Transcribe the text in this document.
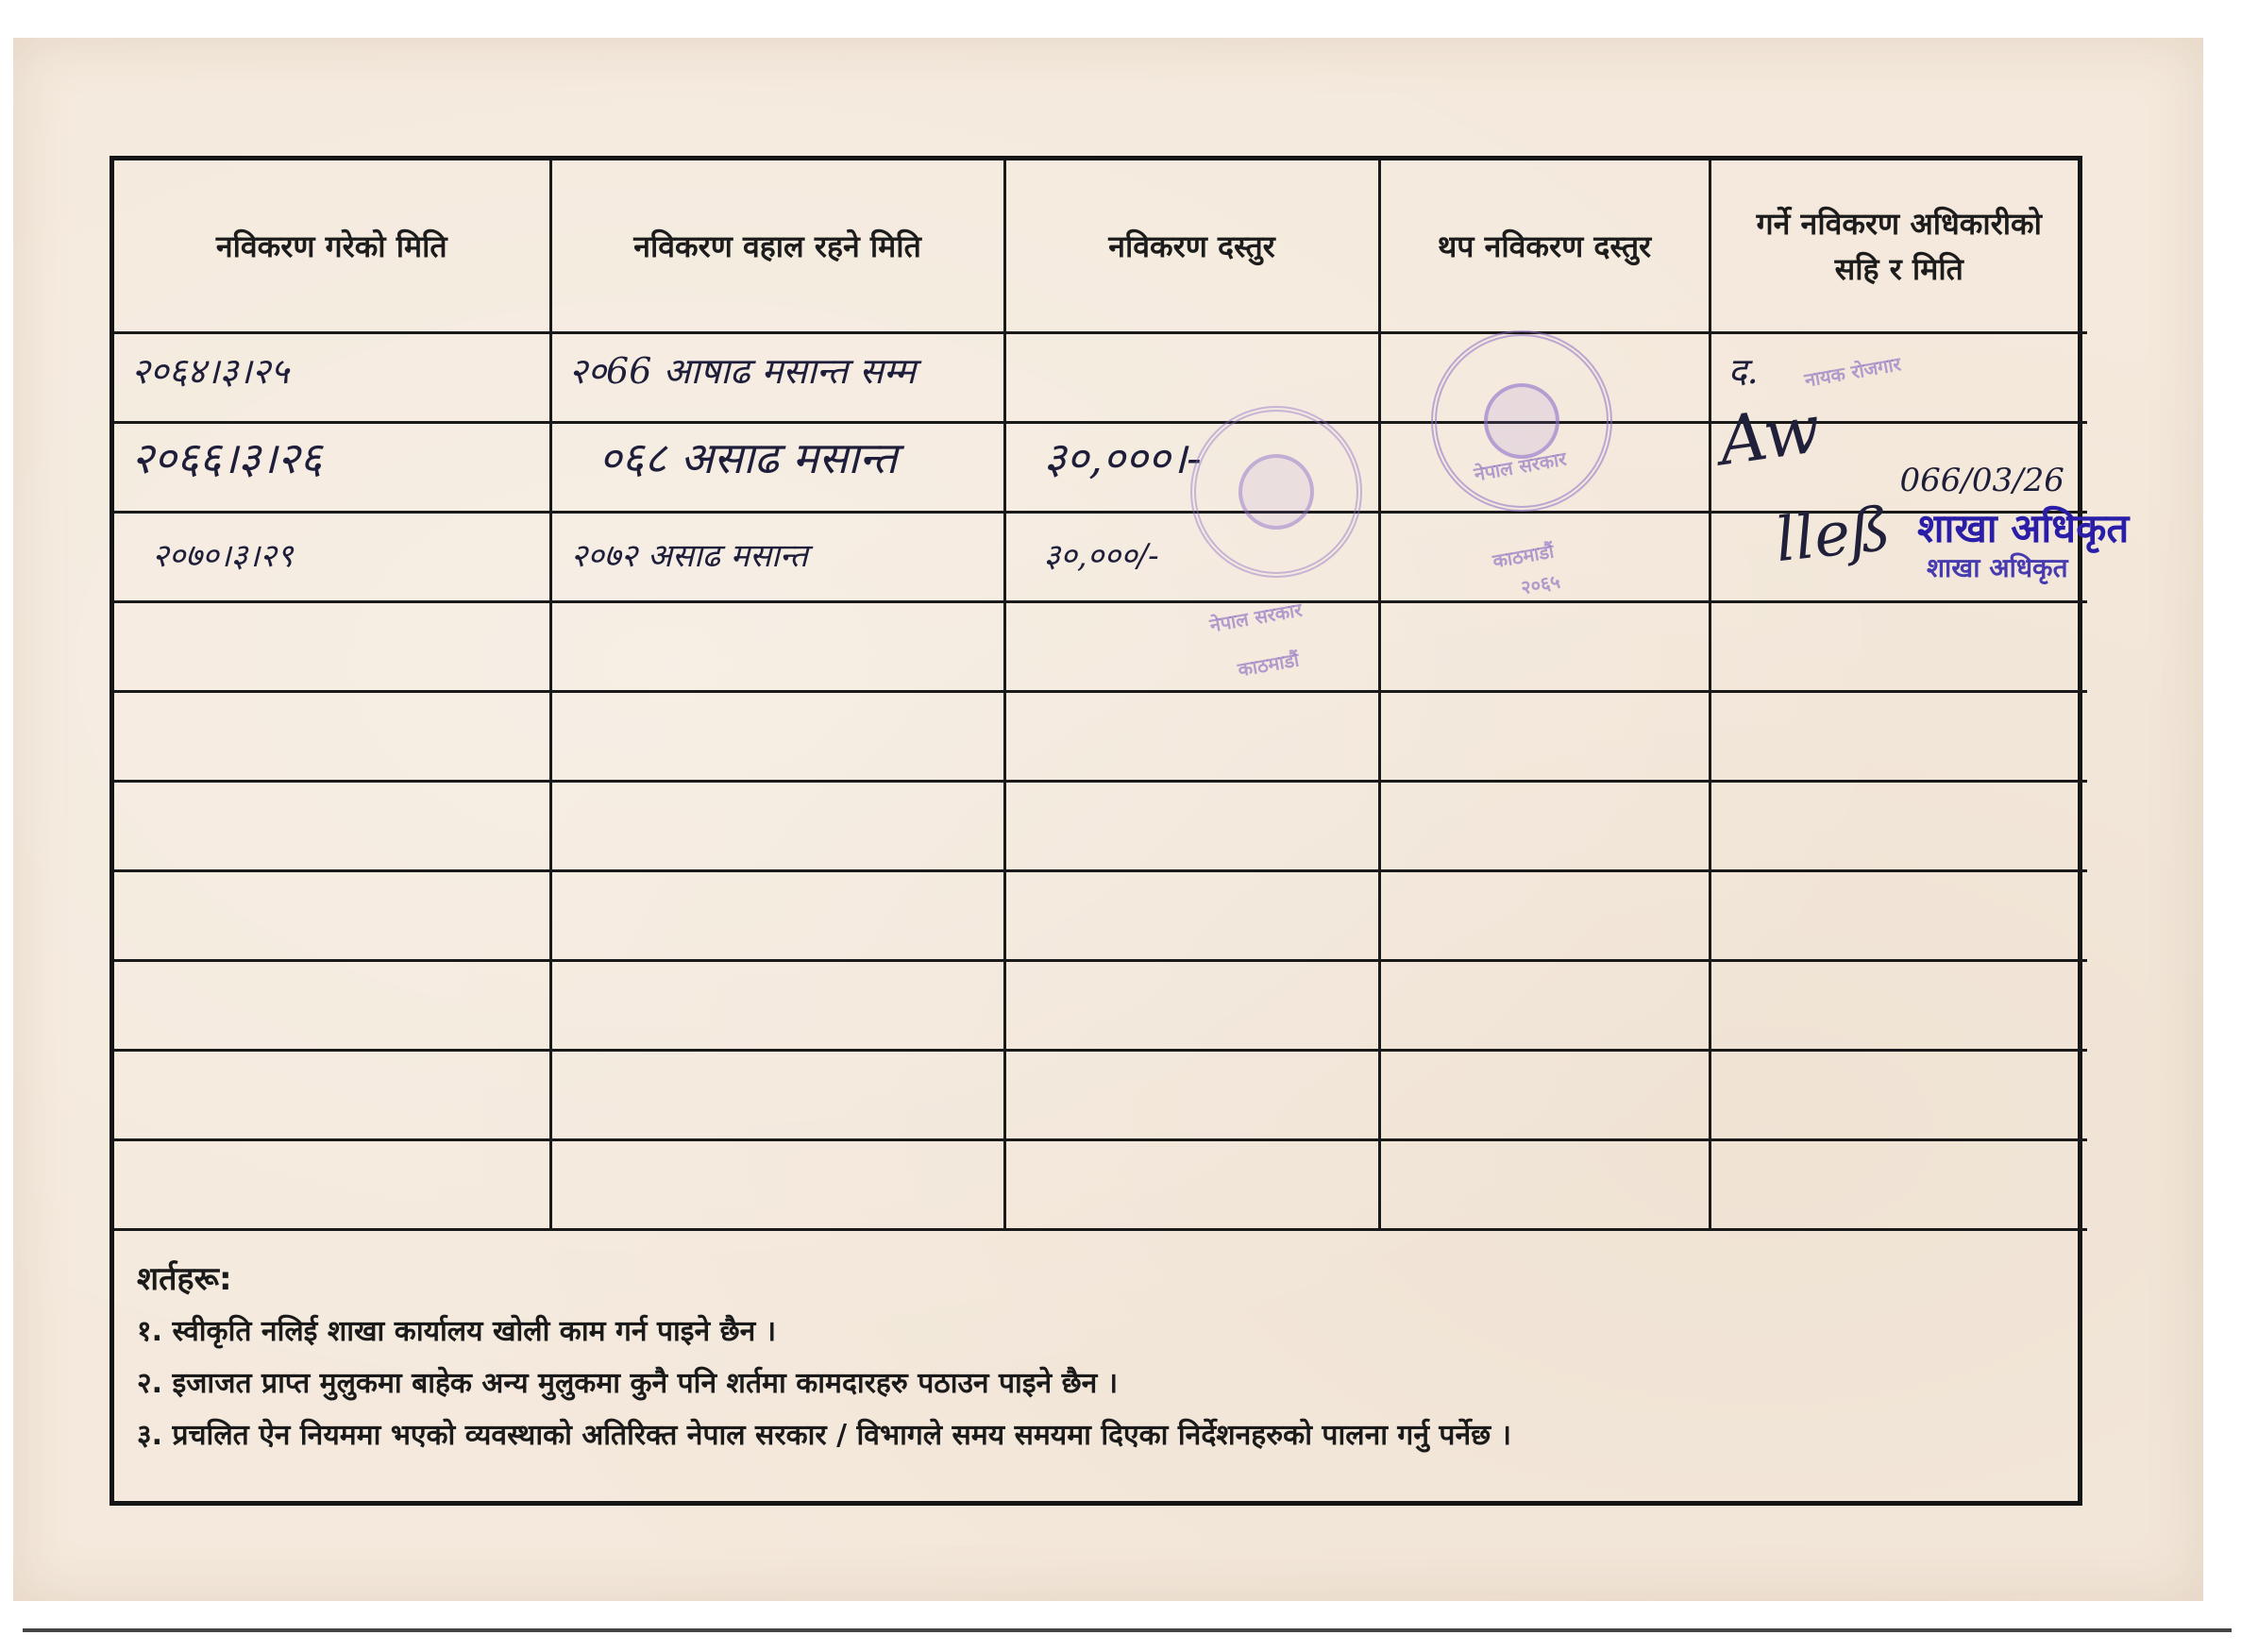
नविकरण गरेको मिति	नविकरण वहाल रहने मिति	नविकरण दस्तुर	थप नविकरण दस्तुर	गर्ने नविकरण अधिकारीको सहि र मिति

२०६४।३।२५	२०66 आषाढ मसान्त सम्म			द.

२०६६।३।२६	०६८ असाढ मसान्त	३०,०००।-		066/03/26

२०७०।३।२९	२०७२ असाढ मसान्त	३०,०००/-		

नेपाल सरकार
काठमाडौं
नेपाल सरकार
काठमाडौं
२०६५
नायक रोजगार
Aw
lleß शाखा अधिकृत
शाखा अधिकृत
शर्तहरू:
१. स्वीकृति नलिई शाखा कार्यालय खोली काम गर्न पाइने छैन ।
२. इजाजत प्राप्त मुलुकमा बाहेक अन्य मुलुकमा कुनै पनि शर्तमा कामदारहरु पठाउन पाइने छैन ।
३. प्रचलित ऐन नियममा भएको व्यवस्थाको अतिरिक्त नेपाल सरकार / विभागले समय समयमा दिएका निर्देशनहरुको पालना गर्नु पर्नेछ ।
